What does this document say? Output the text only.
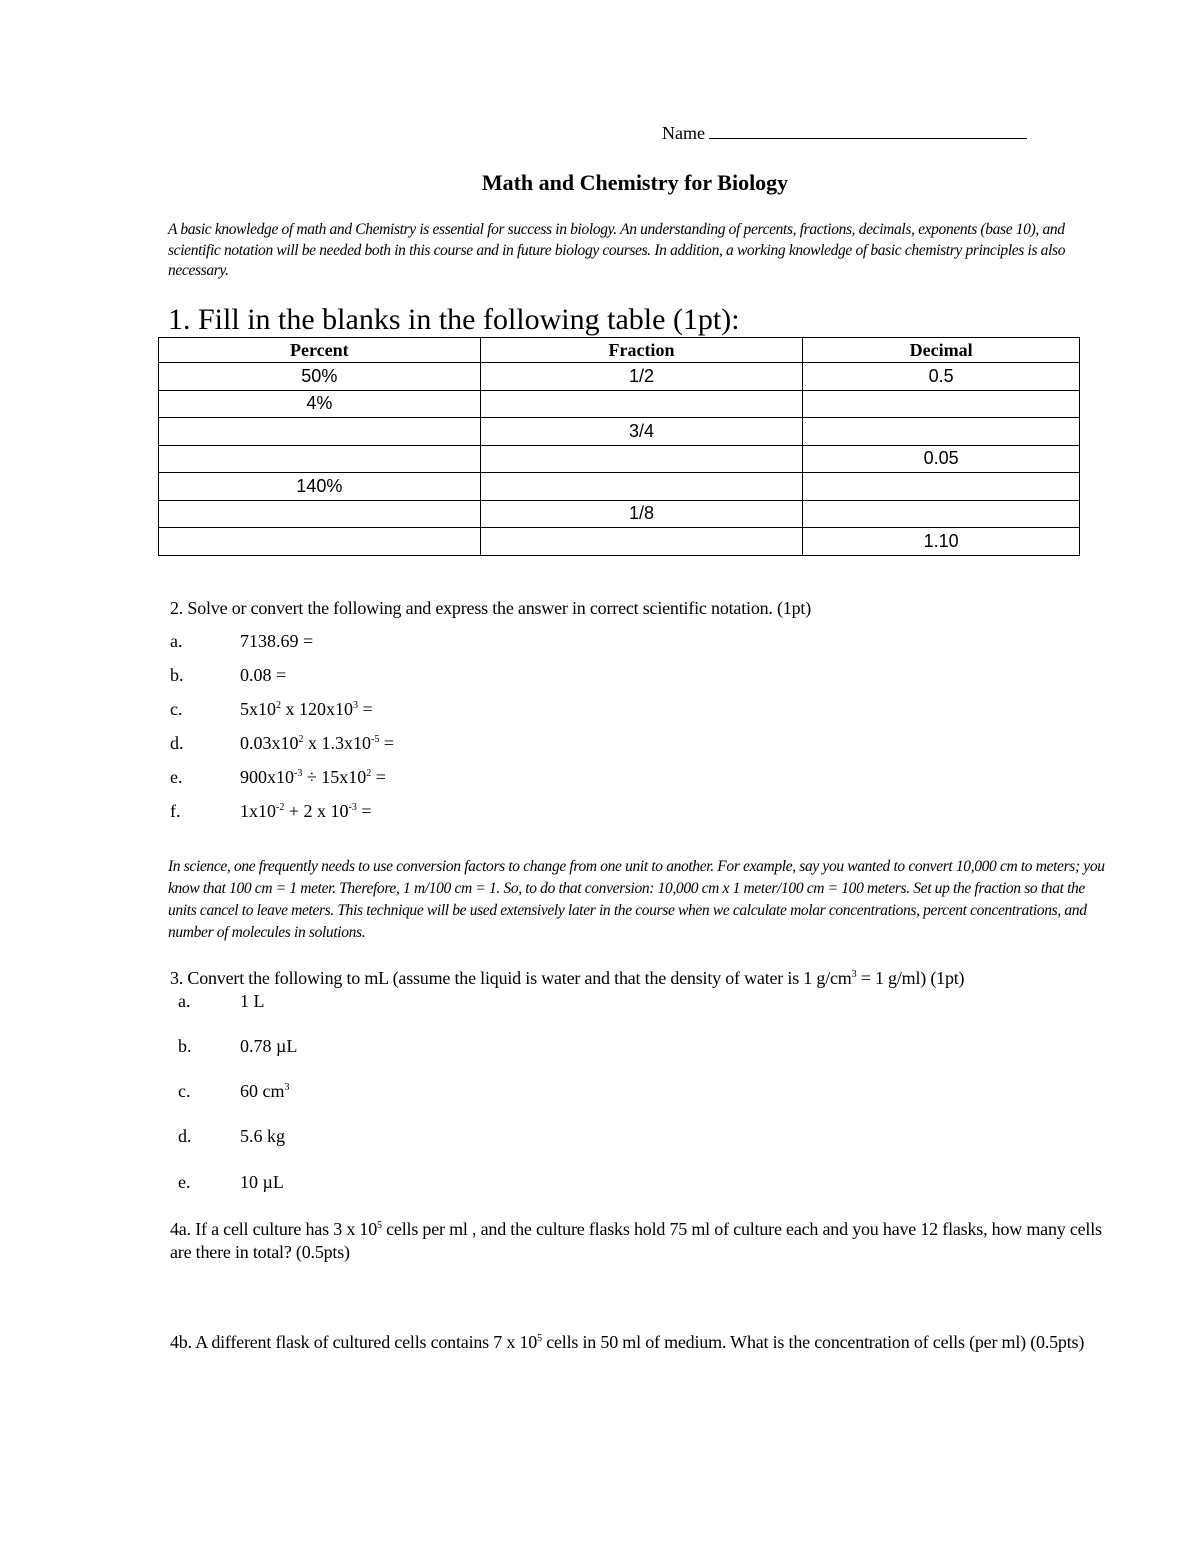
Name
Math and Chemistry for Biology
A basic knowledge of math and Chemistry is essential for success in biology. An understanding of percents, fractions, decimals, exponents (base 10), and scientific notation will be needed both in this course and in future biology courses. In addition, a working knowledge of basic chemistry principles is also necessary.
1. Fill in the blanks in the following table (1pt):
Percent	Fraction	Decimal
50%	1/2	0.5
4%		
	3/4	
		0.05
140%		
	1/8	
		1.10
2. Solve or convert the following and express the answer in correct scientific notation. (1pt)
a.	7138.69 =
b.	0.08 =
c.	$5x10^2$ x $120x10^3$ =
d.	$0.03x10^2$ x $1.3x10^{-5}$ =
e.	$900x10^{-3} \div 15x10^2$ =
f.	$1x10^{-2} + 2$ x $10^{-3}$ =
In science, one frequently needs to use conversion factors to change from one unit to another. For example, say you wanted to convert 10,000 cm to meters; you know that 100 cm = 1 meter. Therefore, 1 m/100 cm = 1. So, to do that conversion: 10,000 cm x 1 meter/100 cm = 100 meters. Set up the fraction so that the units cancel to leave meters. This technique will be used extensively later in the course when we calculate molar concentrations, percent concentrations, and number of molecules in solutions.
3. Convert the following to mL (assume the liquid is water and that the density of water is 1 $g/cm^3 = 1$ g/ml) (1pt)
a.	1 L
b.	0.78 µL
c.	60 $cm^3$
d.	5.6 kg
e.	10 µL
4a. If a cell culture has 3 x $10^5$ cells per ml , and the culture flasks hold 75 ml of culture each and you have 12 flasks, how many cells are there in total? (0.5pts)
4b. A different flask of cultured cells contains 7 x $10^5$ cells in 50 ml of medium. What is the concentration of cells (per ml) (0.5pts)
